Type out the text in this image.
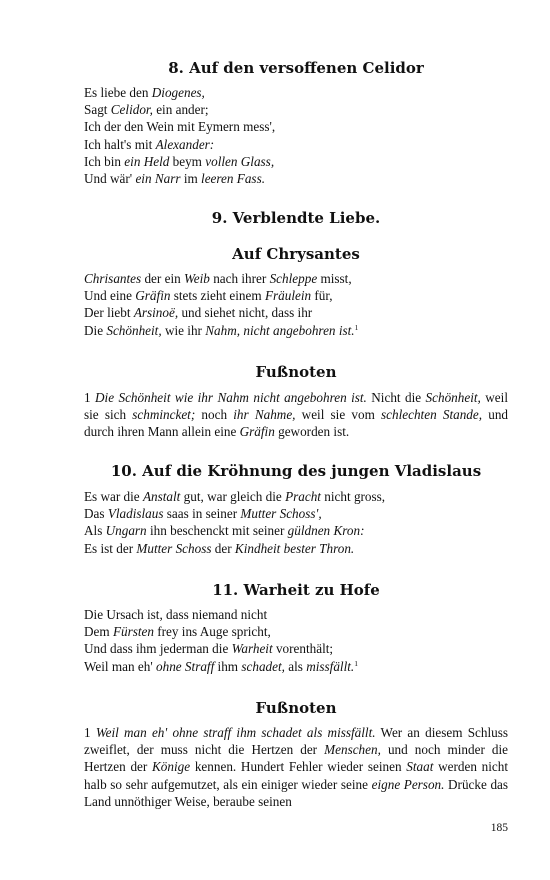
8. Auf den versoffenen Celidor
Es liebe den Diogenes,
Sagt Celidor, ein ander;
Ich der den Wein mit Eymern mess',
Ich halt's mit Alexander:
Ich bin ein Held beym vollen Glass,
Und wär' ein Narr im leeren Fass.
9. Verblendte Liebe.
Auf Chrysantes
Chrisantes der ein Weib nach ihrer Schleppe misst,
Und eine Gräfin stets zieht einem Fräulein für,
Der liebt Arsinoë, und siehet nicht, dass ihr
Die Schönheit, wie ihr Nahm, nicht angebohren ist.$^1$
Fußnoten
1 Die Schönheit wie ihr Nahm nicht angebohren ist. Nicht die Schönheit, weil sie sich schmincket; noch ihr Nahme, weil sie vom schlechten Stande, und durch ihren Mann allein eine Gräfin geworden ist.
10. Auf die Kröhnung des jungen Vladislaus
Es war die Anstalt gut, war gleich die Pracht nicht gross,
Das Vladislaus saas in seiner Mutter Schoss',
Als Ungarn ihn beschenckt mit seiner güldnen Kron:
Es ist der Mutter Schoss der Kindheit bester Thron.
11. Warheit zu Hofe
Die Ursach ist, dass niemand nicht
Dem Fürsten frey ins Auge spricht,
Und dass ihm jederman die Warheit vorenthält;
Weil man eh' ohne Straff ihm schadet, als missfällt.$^1$
Fußnoten
1 Weil man eh' ohne straff ihm schadet als missfällt. Wer an diesem Schluss zweiflet, der muss nicht die Hertzen der Menschen, und noch minder die Hertzen der Könige kennen. Hundert Fehler wieder seinen Staat werden nicht halb so sehr aufgemutzet, als ein einiger wieder seine eigne Person. Drücke das Land unnöthiger Weise, beraube seinen
185
